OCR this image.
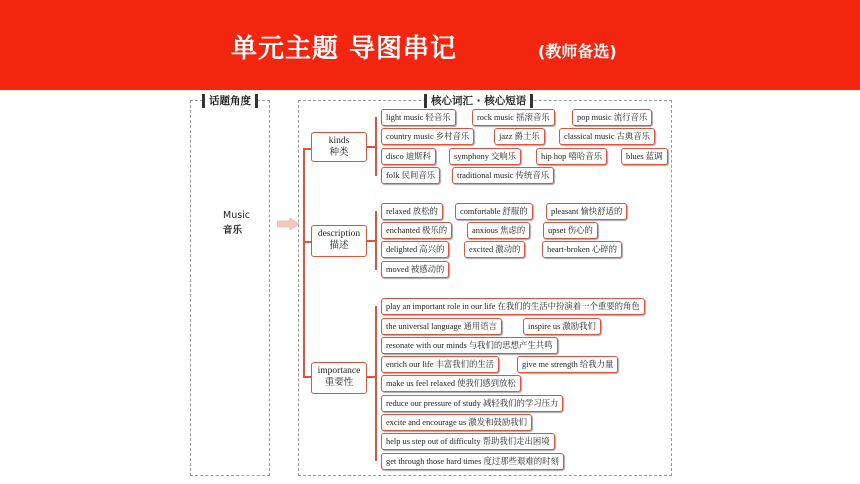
单元主题 导图串记	(教师备选)
话题角度
Music
音乐
核心词汇 · 核心短语
kinds
种类
description
描述
importance
重要性
light music 轻音乐	rock music 摇滚音乐	pop music 流行音乐
country music 乡村音乐	jazz 爵士乐	classical music 古典音乐
disco 迪斯科	symphony 交响乐	hip hop 嘻哈音乐	blues 蓝调
folk 民间音乐	traditional music 传统音乐
relaxed 放松的	comfortable 舒服的	pleasant 愉快舒适的
enchanted 极乐的	anxious 焦虑的	upset 伤心的
delighted 高兴的	excited 激动的	heart-broken 心碎的
moved 被感动的
play an important role in our life 在我们的生活中扮演着一个重要的角色
the universal language 通用语言	inspire us 激励我们
resonate with our minds 与我们的思想产生共鸣
enrich our life 丰富我们的生活	give me strength 给我力量
make us feel relaxed 使我们感到放松
reduce our pressure of study 减轻我们的学习压力
excite and encourage us 激发和鼓励我们
help us step out of difficulty 帮助我们走出困境
get through those hard times 度过那些艰难的时刻
